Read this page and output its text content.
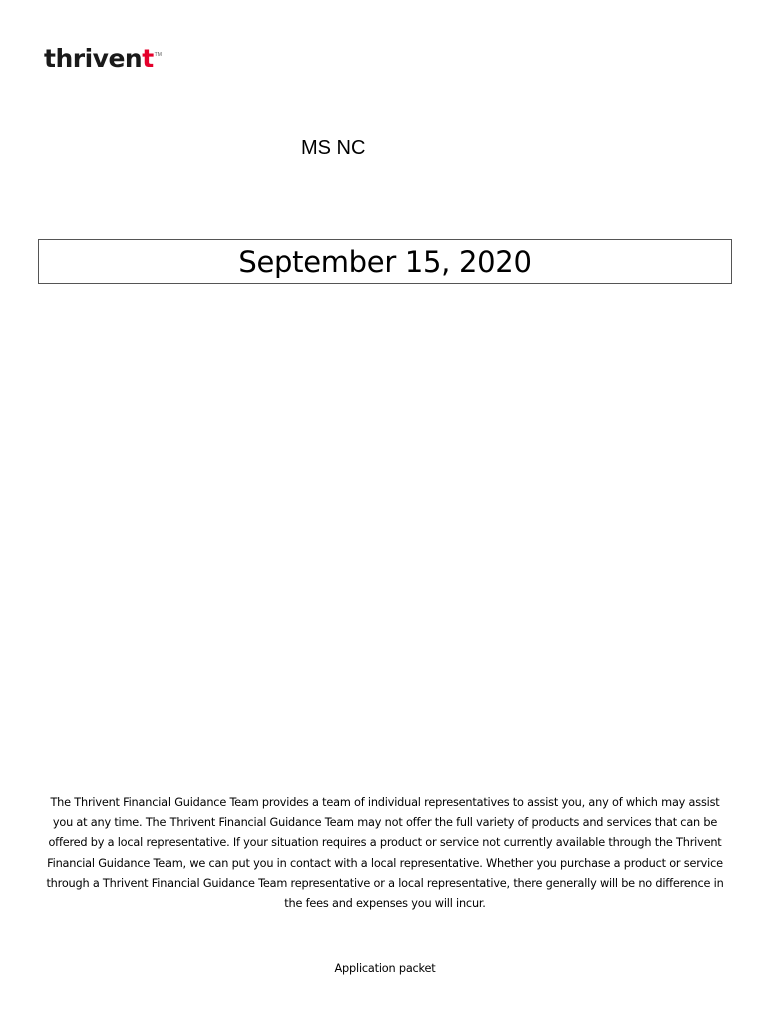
thrivent TM
MS NC
September 15, 2020

The Thrivent Financial Guidance Team provides a team of individual representatives to assist you, any of which may assist you at any time. The Thrivent Financial Guidance Team may not offer the full variety of products and services that can be offered by a local representative. If your situation requires a product or service not currently available through the Thrivent Financial Guidance Team, we can put you in contact with a local representative. Whether you purchase a product or service through a Thrivent Financial Guidance Team representative or a local representative, there generally will be no difference in the fees and expenses you will incur.

Application packet
